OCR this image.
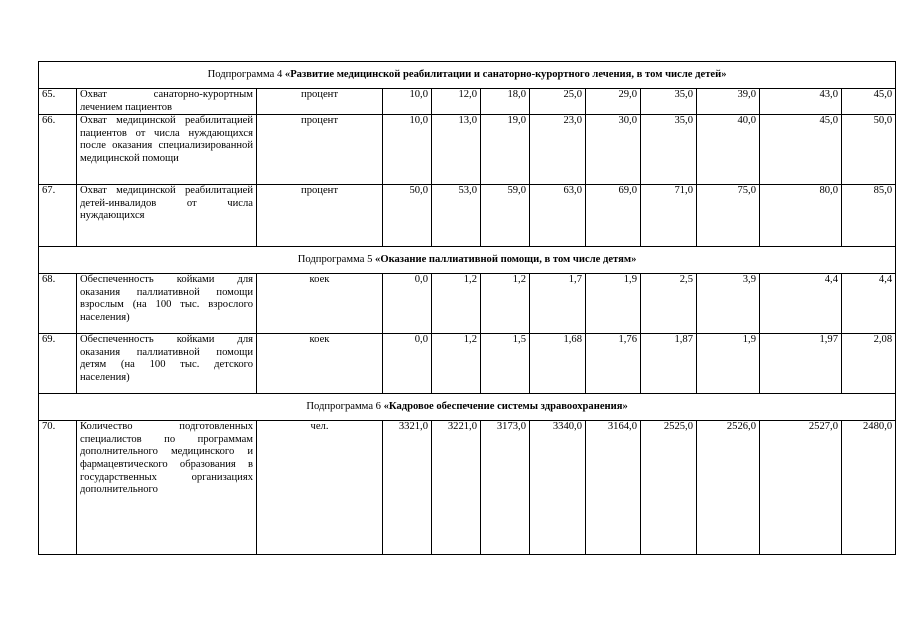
Подпрограмма 4 «Развитие медицинской реабилитации и санаторно-курортного лечения, в том числе детей»											
65.	Охват санаторно-курортным лечением пациентов	процент	10,0	12,0	18,0	25,0	29,0	35,0	39,0	43,0	45,0
66.	Охват медицинской реабилитацией пациентов от числа нуждающихся после оказания специализированной медицинской помощи	процент	10,0	13,0	19,0	23,0	30,0	35,0	40,0	45,0	50,0
67.	Охват медицинской реабилитацией детей-инвалидов от числа нуждающихся	процент	50,0	53,0	59,0	63,0	69,0	71,0	75,0	80,0	85,0
Подпрограмма 5 «Оказание паллиативной помощи, в том числе детям»											
68.	Обеспеченность койками для оказания паллиативной помощи взрослым (на 100 тыс. взрослого населения)	коек	0,0	1,2	1,2	1,7	1,9	2,5	3,9	4,4	4,4
69.	Обеспеченность койками для оказания паллиативной помощи детям (на 100 тыс. детского населения)	коек	0,0	1,2	1,5	1,68	1,76	1,87	1,9	1,97	2,08
Подпрограмма 6 «Кадровое обеспечение системы здравоохранения»											
70.	Количество подготовленных специалистов по программам дополнительного медицинского и фармацевтического образования в государственных организациях дополнительного	чел.	3321,0	3221,0	3173,0	3340,0	3164,0	2525,0	2526,0	2527,0	2480,0
